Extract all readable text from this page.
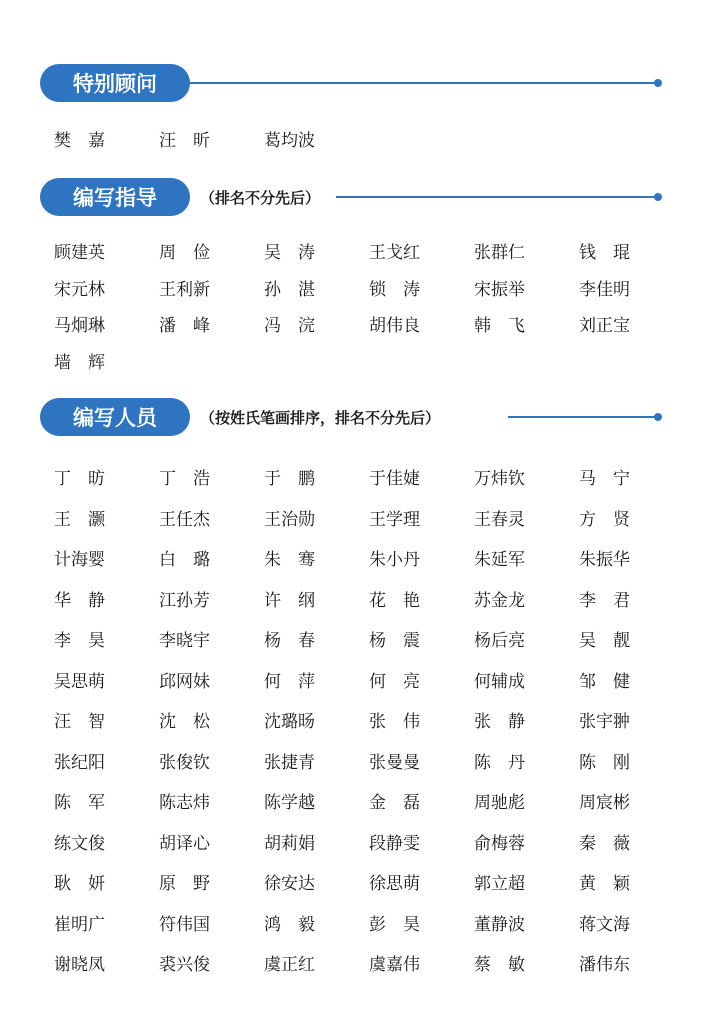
特别顾问
樊　嘉	汪　昕	葛均波
编写指导	（排名不分先后）
顾建英	周　俭	吴　涛	王戈红	张群仁	钱　琨
宋元林	王利新	孙　湛	锁　涛	宋振举	李佳明
马炯琳	潘　峰	冯　浣	胡伟良	韩　飞	刘正宝
墙　辉
编写人员	（按姓氏笔画排序，排名不分先后）
丁　昉	丁　浩	于　鹏	于佳婕	万炜钦	马　宁
王　灏	王任杰	王治勋	王学理	王春灵	方　贤
计海婴	白　璐	朱　骞	朱小丹	朱延军	朱振华
华　静	江孙芳	许　纲	花　艳	苏金龙	李　君
李　昊	李晓宇	杨　春	杨　震	杨后亮	吴　靓
吴思萌	邱网妹	何　萍	何　亮	何辅成	邹　健
汪　智	沈　松	沈璐旸	张　伟	张　静	张宇翀
张纪阳	张俊钦	张捷青	张曼曼	陈　丹	陈　刚
陈　军	陈志炜	陈学越	金　磊	周驰彪	周宸彬
练文俊	胡译心	胡莉娟	段静雯	俞梅蓉	秦　薇
耿　妍	原　野	徐安达	徐思萌	郭立超	黄　颖
崔明广	符伟国	鸿　毅	彭　昊	董静波	蒋文海
谢晓凤	裘兴俊	虞正红	虞嘉伟	蔡　敏	潘伟东
